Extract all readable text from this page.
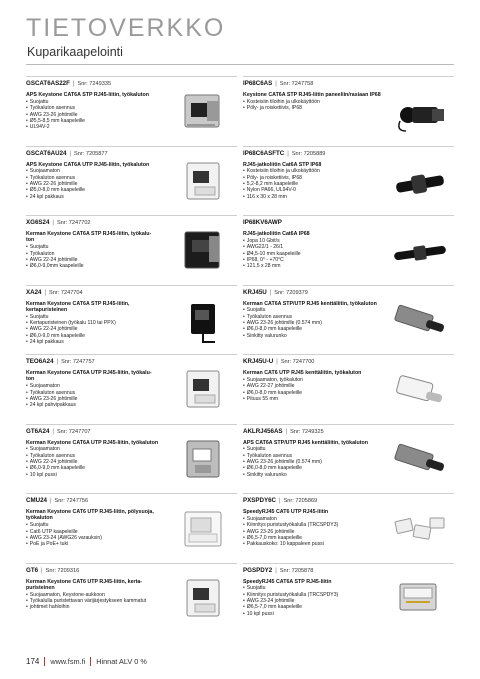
TIETOVERKKO
Kuparikaapelointi
GSCAT6AS22F | Snr: 7249335
APS Keystone CAT6A STP RJ45-liitin, työkaluton
• Suojattu
• Työkaluton asennus
• AWG 23-26 johtimille
• Ø5,5-8,5 mm kaapeleille
• UL94V-2
IP68C6AS | Snr: 7247758
Keystone CAT6A STP RJ45-liitin paneeliin/rasiaan IP68
• Kosteisiin tiloihin ja ulkokäyttöön
• Pöly- ja roisketiivis, IP68
GSCAT6AU24 | Snr: 7205877
APS Keystone CAT6A UTP RJ45-liitin, työkaluton
• Suojaamaton
• Työkaluton asennus
• AWG 22-26 johtimille
• Ø5,0-8,0 mm kaapeleille
• 24 kpl pakkaus
IP68C6ASFTC | Snr: 7205889
RJ45-jatkoliitin Cat6A STP IP68
• Kosteisiin tiloihin ja ulkokäyttöön
• Pöly- ja roisketiivis, IP68
• 5,2-8,2 mm kaapeleille
• Nylon PA66, UL94V-0
• 116 x 30 x 28 mm
XG6S24 | Snr: 7247702
Kerman Keystone CAT6A STP RJ45-liitin, työkalu-
ton
• Suojattu
• Työkaluton
• AWG 22-24 johtimille
• Ø6,0-9,0mm kaapeleille
IP68KV6AWP
RJ45-jatkoliitin Cat6A IP68
• Jopa 10 Gbit/s
• AWG22/1 - 26/1
• Ø4,5-10 mm kaapeleille
• IP68, 0° - +70°C
• 121,5 x 28 mm
XA24 | Snr: 7247704
Kerman Keystone CAT6A STP RJ45-liitin, kertapuristeinen
• Suojattu
• Kertapuristeinen (työkalu 110 tai PPX)
• AWG 22-24 johtimille
• Ø6,0-9,0 mm kaapeleille
• 24 kpl pakkaus
KRJ45U | Snr: 7209379
Kerman CAT6A STP/UTP RJ45 kenttäliitin, työkaluton
• Suojattu
• Työkaluton asennus
• AWG 23-26 johtimille (0.574 mm)
• Ø6,0-8,0 mm kaapeleille
• Sinkitty valurunko
TEO6A24 | Snr: 7247757
Kerman Keystone CAT6A UTP RJ45-liitin, työkalu-
ton
• Suojaamaton
• Työkaluton asennus
• AWG 23-26 johtimille
• 24 kpl pahvipakkaus
KRJ45U-U | Snr: 7247700
Kerman CAT6 UTP RJ45 kenttäliitin, työkaluton
• Suojaamaton, työkaluton
• AWG 22-27 johtimille
• Ø6,0-8,0 mm kaapeleille
• Pituus 55 mm
GT6A24 | Snr: 7247707
Kerman Keystone CAT6A UTP RJ45-liitin, työkaluton
• Suojaamaton
• Työkaluton asennus
• AWG 22-24 johtimille
• Ø6,0-9,0 mm kaapeleille
• 10 kpl pussi
AKLRJ456AS | Snr: 7249325
APS CAT6A STP/UTP RJ45 kenttäliitin, työkaluton
• Suojattu
• Työkaluton asennus
• AWG 23-26 johtimille (0.574 mm)
• Ø6,0-8,0 mm kaapeleille
• Sinkitty valurunko
CMU24 | Snr: 7247756
Kerman Keystone CAT6 UTP RJ45-liitin, pölysuoja,
työkaluton
• Suojattu
• Cat6 UTP kaapeleille
• AWG 23-24 (AWG26 varauksin)
• PoE ja PoE+ tuki
PXSPDY6C | Snr: 7205869
SpeedyRJ45 CAT6 UTP RJ45-liitin
• Suojaamaton
• Kiinnitys puristustyökalulla (TRCSPDY3)
• AWG 23-26 johtimille
• Ø6,5-7,0 mm kaapeleille
• Pakkauskoko: 10 kappaleen pussi
GT6 | Snr: 7209316
Kerman Keystone CAT6 UTP RJ45-liitin, kerta-
puristeinen
• Suojaamaton, Keystone-aukkoon
• Työkalulla puristettavan värijärjestykseen kammatut
• johtimet hahloihin
PGSPDY2 | Snr: 7205878
SpeedyRJ45 CAT6A STP RJ45-liitin
• Suojattu
• Kiinnitys puristustyökalulla (TRCSPDY3)
• AWG 23-24 johtimille
• Ø6,5-7,0 mm kaapeleille
• 10 kpl pussi
174 www.fsm.fi Hinnat ALV 0 %
